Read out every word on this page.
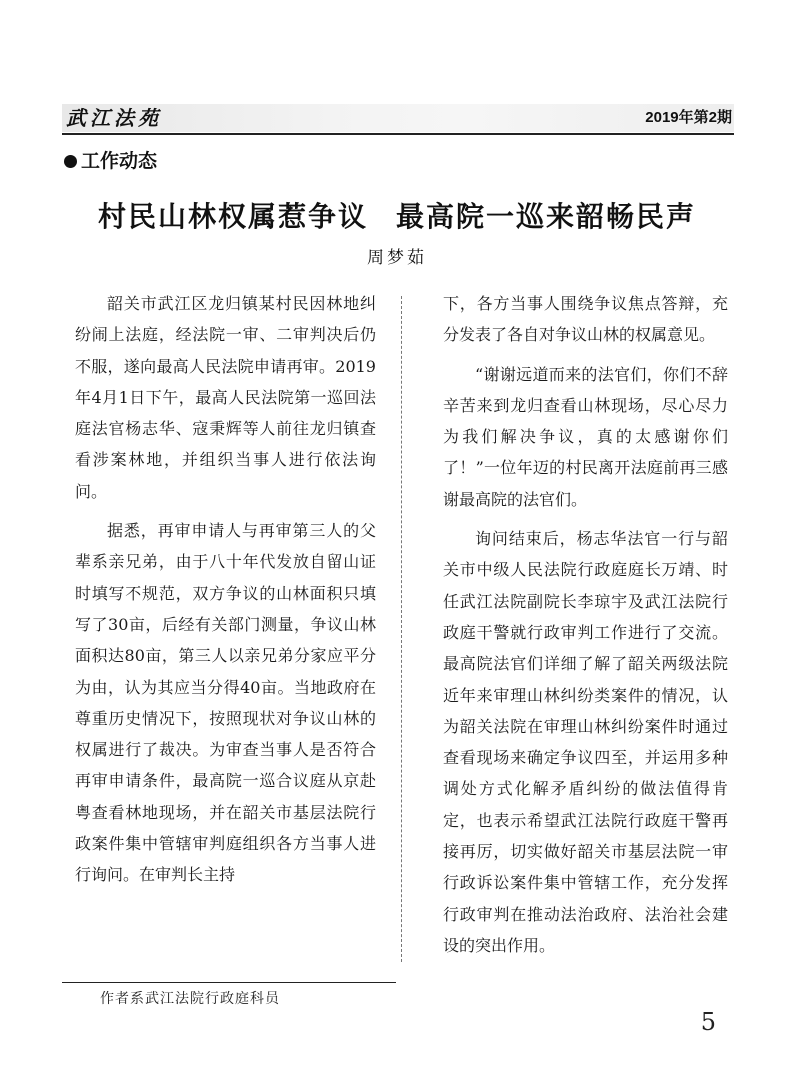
武江法苑	2019年第2期
工作动态
村民山林权属惹争议 最高院一巡来韶畅民声
周梦茹

韶关市武江区龙归镇某村民因林地纠纷闹上法庭，经法院一审、二审判决后仍不服，遂向最高人民法院申请再审。2019年4月1日下午，最高人民法院第一巡回法庭法官杨志华、寇秉辉等人前往龙归镇查看涉案林地，并组织当事人进行依法询问。

据悉，再审申请人与再审第三人的父辈系亲兄弟，由于八十年代发放自留山证时填写不规范，双方争议的山林面积只填写了30亩，后经有关部门测量，争议山林面积达80亩，第三人以亲兄弟分家应平分为由，认为其应当分得40亩。当地政府在尊重历史情况下，按照现状对争议山林的权属进行了裁决。为审查当事人是否符合再审申请条件，最高院一巡合议庭从京赴粤查看林地现场，并在韶关市基层法院行政案件集中管辖审判庭组织各方当事人进行询问。在审判长主持

下，各方当事人围绕争议焦点答辩，充分发表了各自对争议山林的权属意见。

“谢谢远道而来的法官们，你们不辞辛苦来到龙归查看山林现场，尽心尽力为我们解决争议，真的太感谢你们了！”一位年迈的村民离开法庭前再三感谢最高院的法官们。

询问结束后，杨志华法官一行与韶关市中级人民法院行政庭庭长万靖、时任武江法院副院长李琼宇及武江法院行政庭干警就行政审判工作进行了交流。最高院法官们详细了解了韶关两级法院近年来审理山林纠纷类案件的情况，认为韶关法院在审理山林纠纷案件时通过查看现场来确定争议四至，并运用多种调处方式化解矛盾纠纷的做法值得肯定，也表示希望武江法院行政庭干警再接再厉，切实做好韶关市基层法院一审行政诉讼案件集中管辖工作，充分发挥行政审判在推动法治政府、法治社会建设的突出作用。

作者系武江法院行政庭科员
5
